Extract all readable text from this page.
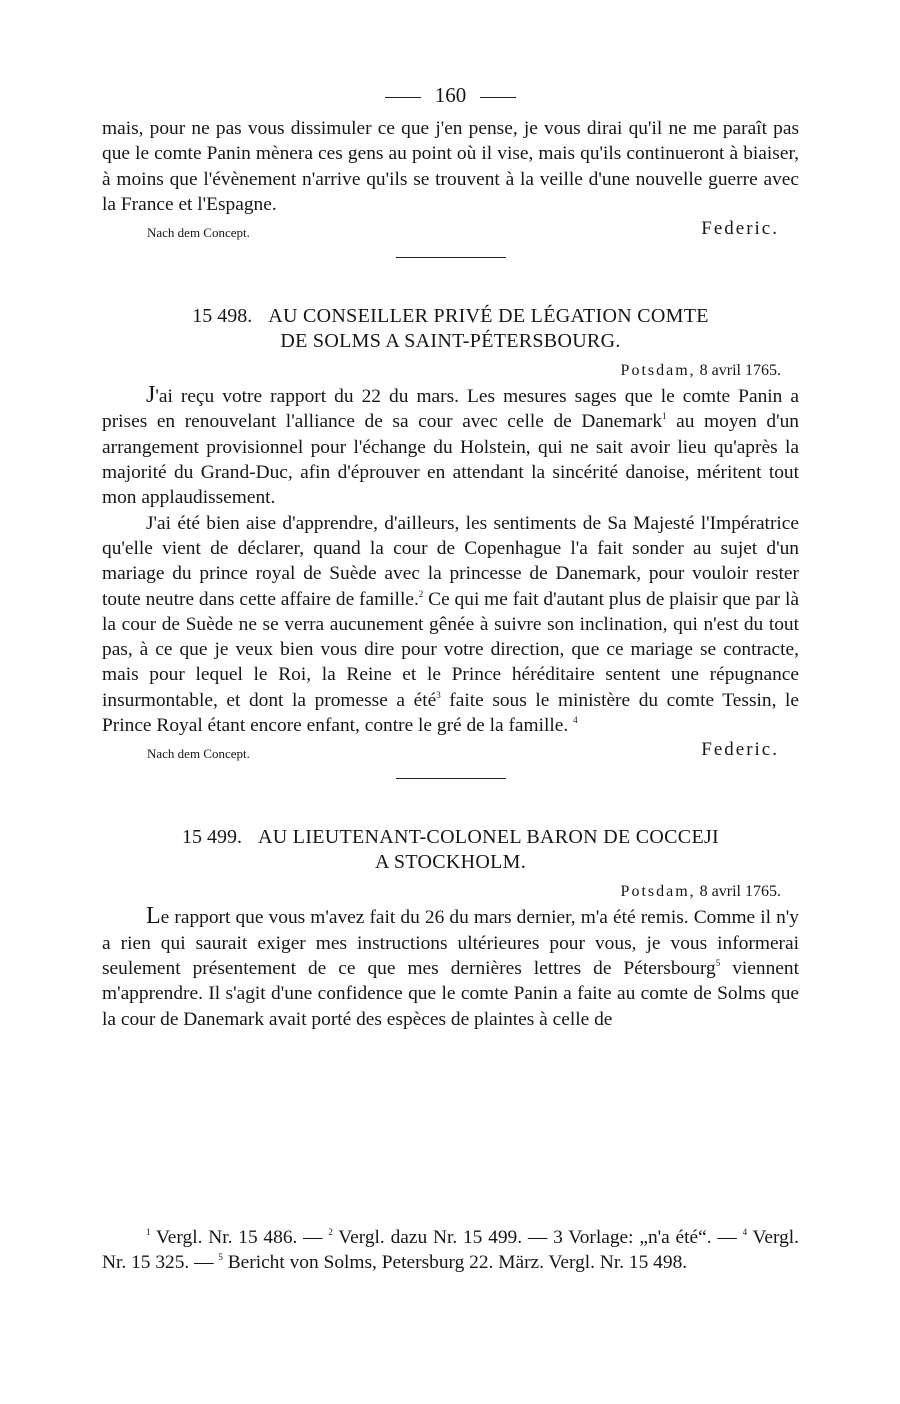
160

mais, pour ne pas vous dissimuler ce que j'en pense, je vous dirai qu'il ne me paraît pas que le comte Panin mènera ces gens au point où il vise, mais qu'ils continueront à biaiser, à moins que l'évènement n'arrive qu'ils se trouvent à la veille d'une nouvelle guerre avec la France et l'Espagne.

Nach dem Concept.	Federic.
15 498. AU CONSEILLER PRIVÉ DE LÉGATION COMTE
DE SOLMS A SAINT-PÉTERSBOURG.
Potsdam, 8 avril 1765.

J'ai reçu votre rapport du 22 du mars. Les mesures sages que le comte Panin a prises en renouvelant l'alliance de sa cour avec celle de Danemark$^1$ au moyen d'un arrangement provisionnel pour l'échange du Holstein, qui ne sait avoir lieu qu'après la majorité du Grand-Duc, afin d'éprouver en attendant la sincérité danoise, méritent tout mon applaudissement.

J'ai été bien aise d'apprendre, d'ailleurs, les sentiments de Sa Majesté l'Impératrice qu'elle vient de déclarer, quand la cour de Copenhague l'a fait sonder au sujet d'un mariage du prince royal de Suède avec la princesse de Danemark, pour vouloir rester toute neutre dans cette affaire de famille.$^2$ Ce qui me fait d'autant plus de plaisir que par là la cour de Suède ne se verra aucunement gênée à suivre son inclination, qui n'est du tout pas, à ce que je veux bien vous dire pour votre direction, que ce mariage se contracte, mais pour lequel le Roi, la Reine et le Prince héréditaire sentent une répugnance insurmontable, et dont la promesse a été$^3$ faite sous le ministère du comte Tessin, le Prince Royal étant encore enfant, contre le gré de la famille. $^4$

Nach dem Concept.	Federic.
15 499. AU LIEUTENANT-COLONEL BARON DE COCCEJI
A STOCKHOLM.
Potsdam, 8 avril 1765.

Le rapport que vous m'avez fait du 26 du mars dernier, m'a été remis. Comme il n'y a rien qui saurait exiger mes instructions ultérieures pour vous, je vous informerai seulement présentement de ce que mes dernières lettres de Pétersbourg$^5$ viennent m'apprendre. Il s'agit d'une confidence que le comte Panin a faite au comte de Solms que la cour de Danemark avait porté des espèces de plaintes à celle de

$^1$ Vergl. Nr. 15 486. — $^2$ Vergl. dazu Nr. 15 499. — 3 Vorlage: „n'a été“. — $^4$ Vergl. Nr. 15 325. — $^5$ Bericht von Solms, Petersburg 22. März. Vergl. Nr. 15 498.
